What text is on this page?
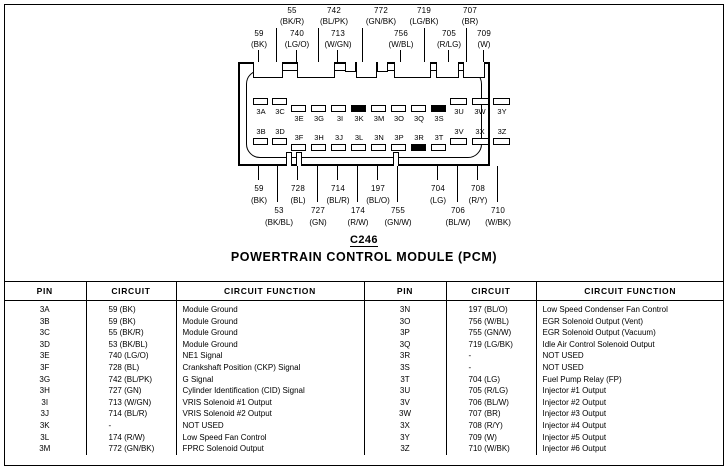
55
(BK/R)
742
(BL/PK)
772
(GN/BK)
719
(LG/BK)
707
(BR)
59
(BK)
740
(LG/O)
713
(W/GN)
756
(W/BL)
705
(R/LG)
709
(W)
3A	3C
3E	3G	3I	3K	3M	3O	3Q	3S
3U	3W	3Y
3B	3D
3F	3H	3J	3L	3N	3P	3R	3T
3V	3X	3Z
59
(BK)
728
(BL)
714
(BL/R)
197
(BL/O)
704
(LG)
708
(R/Y)
53
(BK/BL)
727
(GN)
174
(R/W)
755
(GN/W)
706
(BL/W)
710
(W/BK)
C246
POWERTRAIN CONTROL MODULE (PCM)
PIN	CIRCUIT	CIRCUIT FUNCTION	PIN	CIRCUIT	CIRCUIT FUNCTION
3A	59 (BK)	Module Ground	3N	197 (BL/O)	Low Speed Condenser Fan Control
3B	59 (BK)	Module Ground	3O	756 (W/BL)	EGR Solenoid Output (Vent)
3C	55 (BK/R)	Module Ground	3P	755 (GN/W)	EGR Solenoid Output (Vacuum)
3D	53 (BK/BL)	Module Ground	3Q	719 (LG/BK)	Idle Air Control Solenoid Output
3E	740 (LG/O)	NE1 Signal	3R	-	NOT USED
3F	728 (BL)	Crankshaft Position (CKP) Signal	3S	-	NOT USED
3G	742 (BL/PK)	G Signal	3T	704 (LG)	Fuel Pump Relay (FP)
3H	727 (GN)	Cylinder Identification (CID) Signal	3U	705 (R/LG)	Injector #1 Output
3I	713 (W/GN)	VRIS Solenoid #1 Output	3V	706 (BL/W)	Injector #2 Output
3J	714 (BL/R)	VRIS Solenoid #2 Output	3W	707 (BR)	Injector #3 Output
3K	-	NOT USED	3X	708 (R/Y)	Injector #4 Output
3L	174 (R/W)	Low Speed Fan Control	3Y	709 (W)	Injector #5 Output
3M	772 (GN/BK)	FPRC Solenoid Output	3Z	710 (W/BK)	Injector #6 Output
